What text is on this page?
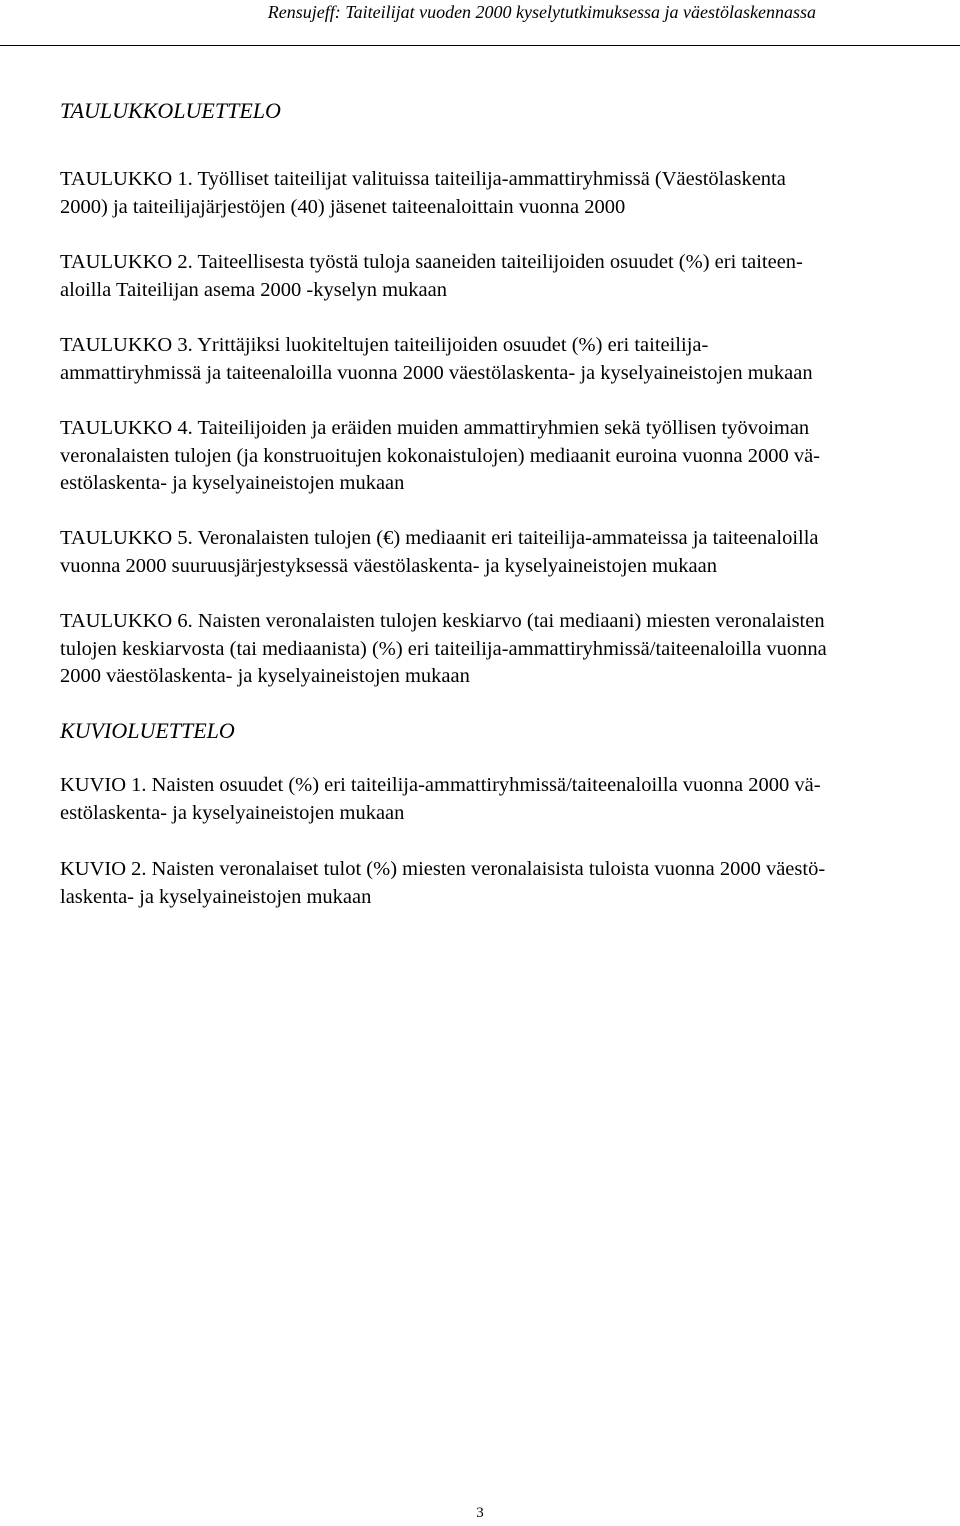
Rensujeff: Taiteilijat vuoden 2000 kyselytutkimuksessa ja väestölaskennassa
TAULUKKOLUETTELO
TAULUKKO 1. Työlliset taiteilijat valituissa taiteilija-ammattiryhmissä (Väestölaskenta
2000) ja taiteilijajärjestöjen (40) jäsenet taiteenaloittain vuonna 2000
TAULUKKO 2. Taiteellisesta työstä tuloja saaneiden taiteilijoiden osuudet (%) eri taiteen-
aloilla Taiteilijan asema 2000 -kyselyn mukaan
TAULUKKO 3. Yrittäjiksi luokiteltujen taiteilijoiden osuudet (%) eri taiteilija-
ammattiryhmissä ja taiteenaloilla vuonna 2000 väestölaskenta- ja kyselyaineistojen mukaan
TAULUKKO 4. Taiteilijoiden ja eräiden muiden ammattiryhmien sekä työllisen työvoiman
veronalaisten tulojen (ja konstruoitujen kokonaistulojen) mediaanit euroina vuonna 2000 vä-
estölaskenta- ja kyselyaineistojen mukaan
TAULUKKO 5. Veronalaisten tulojen (€) mediaanit eri taiteilija-ammateissa ja taiteenaloilla
vuonna 2000 suuruusjärjestyksessä väestölaskenta- ja kyselyaineistojen mukaan
TAULUKKO 6. Naisten veronalaisten tulojen keskiarvo (tai mediaani) miesten veronalaisten
tulojen keskiarvosta (tai mediaanista) (%) eri taiteilija-ammattiryhmissä/taiteenaloilla vuonna
2000 väestölaskenta- ja kyselyaineistojen mukaan
KUVIOLUETTELO
KUVIO 1. Naisten osuudet (%) eri taiteilija-ammattiryhmissä/taiteenaloilla vuonna 2000 vä-
estölaskenta- ja kyselyaineistojen mukaan
KUVIO 2. Naisten veronalaiset tulot (%) miesten veronalaisista tuloista vuonna 2000 väestö-
laskenta- ja kyselyaineistojen mukaan
3
